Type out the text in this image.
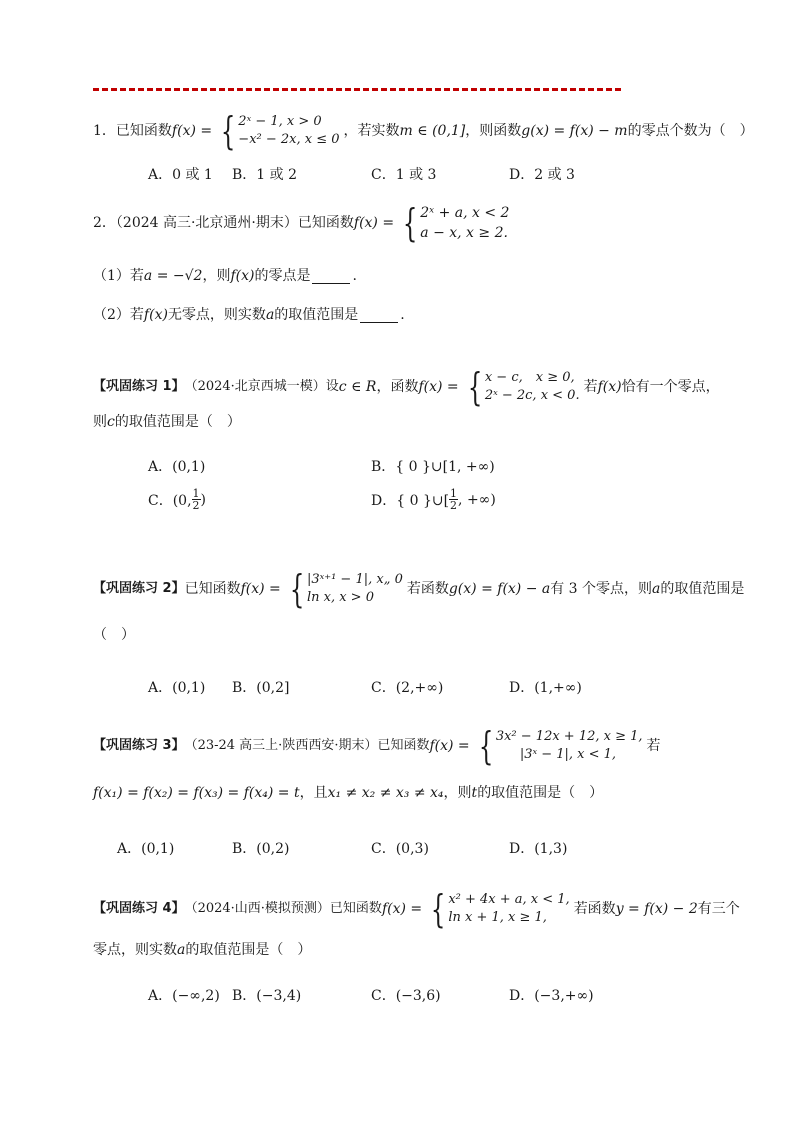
1．已知函数 f(x) = { 2ˣ − 1, x > 0
−x² − 2x, x ≤ 0
，若实数 m ∈ (0,1] ，则函数 g(x) = f(x) − m 的零点个数为（　）
A．0 或 1 B．1 或 2	C．1 或 3	D．2 或 3
2．（2024 高三·北京通州·期末）已知函数 f(x) = { 2ˣ + a, x < 2
a − x, x ≥ 2.
（1）若 a = −√2 ，则 f(x) 的零点是	.
（2）若 f(x) 无零点，则实数 a 的取值范围是	.
【巩固练习 1】 （2024·北京西城一模）设 c ∈ R ，函数 f(x) = { x − c,　x ≥ 0,
2ˣ − 2c, x < 0.
若 f(x) 恰有一个零点，
则 c 的取值范围是（　）
A．(0,1)	B．{ 0 }∪[1, +∞)
C．(0, $\frac{1}{2}$ )	D．{ 0 }∪[ $\frac{1}{2}$ , +∞)
【巩固练习 2】 已知函数 f(x) = { |3ˣ⁺¹ − 1|, x„ 0
ln x, x > 0
若函数 g(x) = f(x) − a 有 3 个零点，则 a 的取值范围是
（　）
A．(0,1) B．(0,2]	C．(2,+∞)	D．(1,+∞)
【巩固练习 3】 （23-24 高三上·陕西西安·期末）已知函数 f(x) = { 3x² − 12x + 12, x ≥ 1,
|3ˣ − 1|, x < 1,
若
f(x₁) = f(x₂) = f(x₃) = f(x₄) = t ，且 x₁ ≠ x₂ ≠ x₃ ≠ x₄ ，则 t 的取值范围是（　）
A．(0,1)	B．(0,2)	C．(0,3)	D．(1,3)
【巩固练习 4】 （2024·山西·模拟预测）已知函数 f(x) = { x² + 4x + a, x < 1,
ln x + 1, x ≥ 1,
若函数 y = f(x) − 2 有三个
零点，则实数 a 的取值范围是（　）
A．(−∞,2) B．(−3,4)	C．(−3,6)	D．(−3,+∞)
